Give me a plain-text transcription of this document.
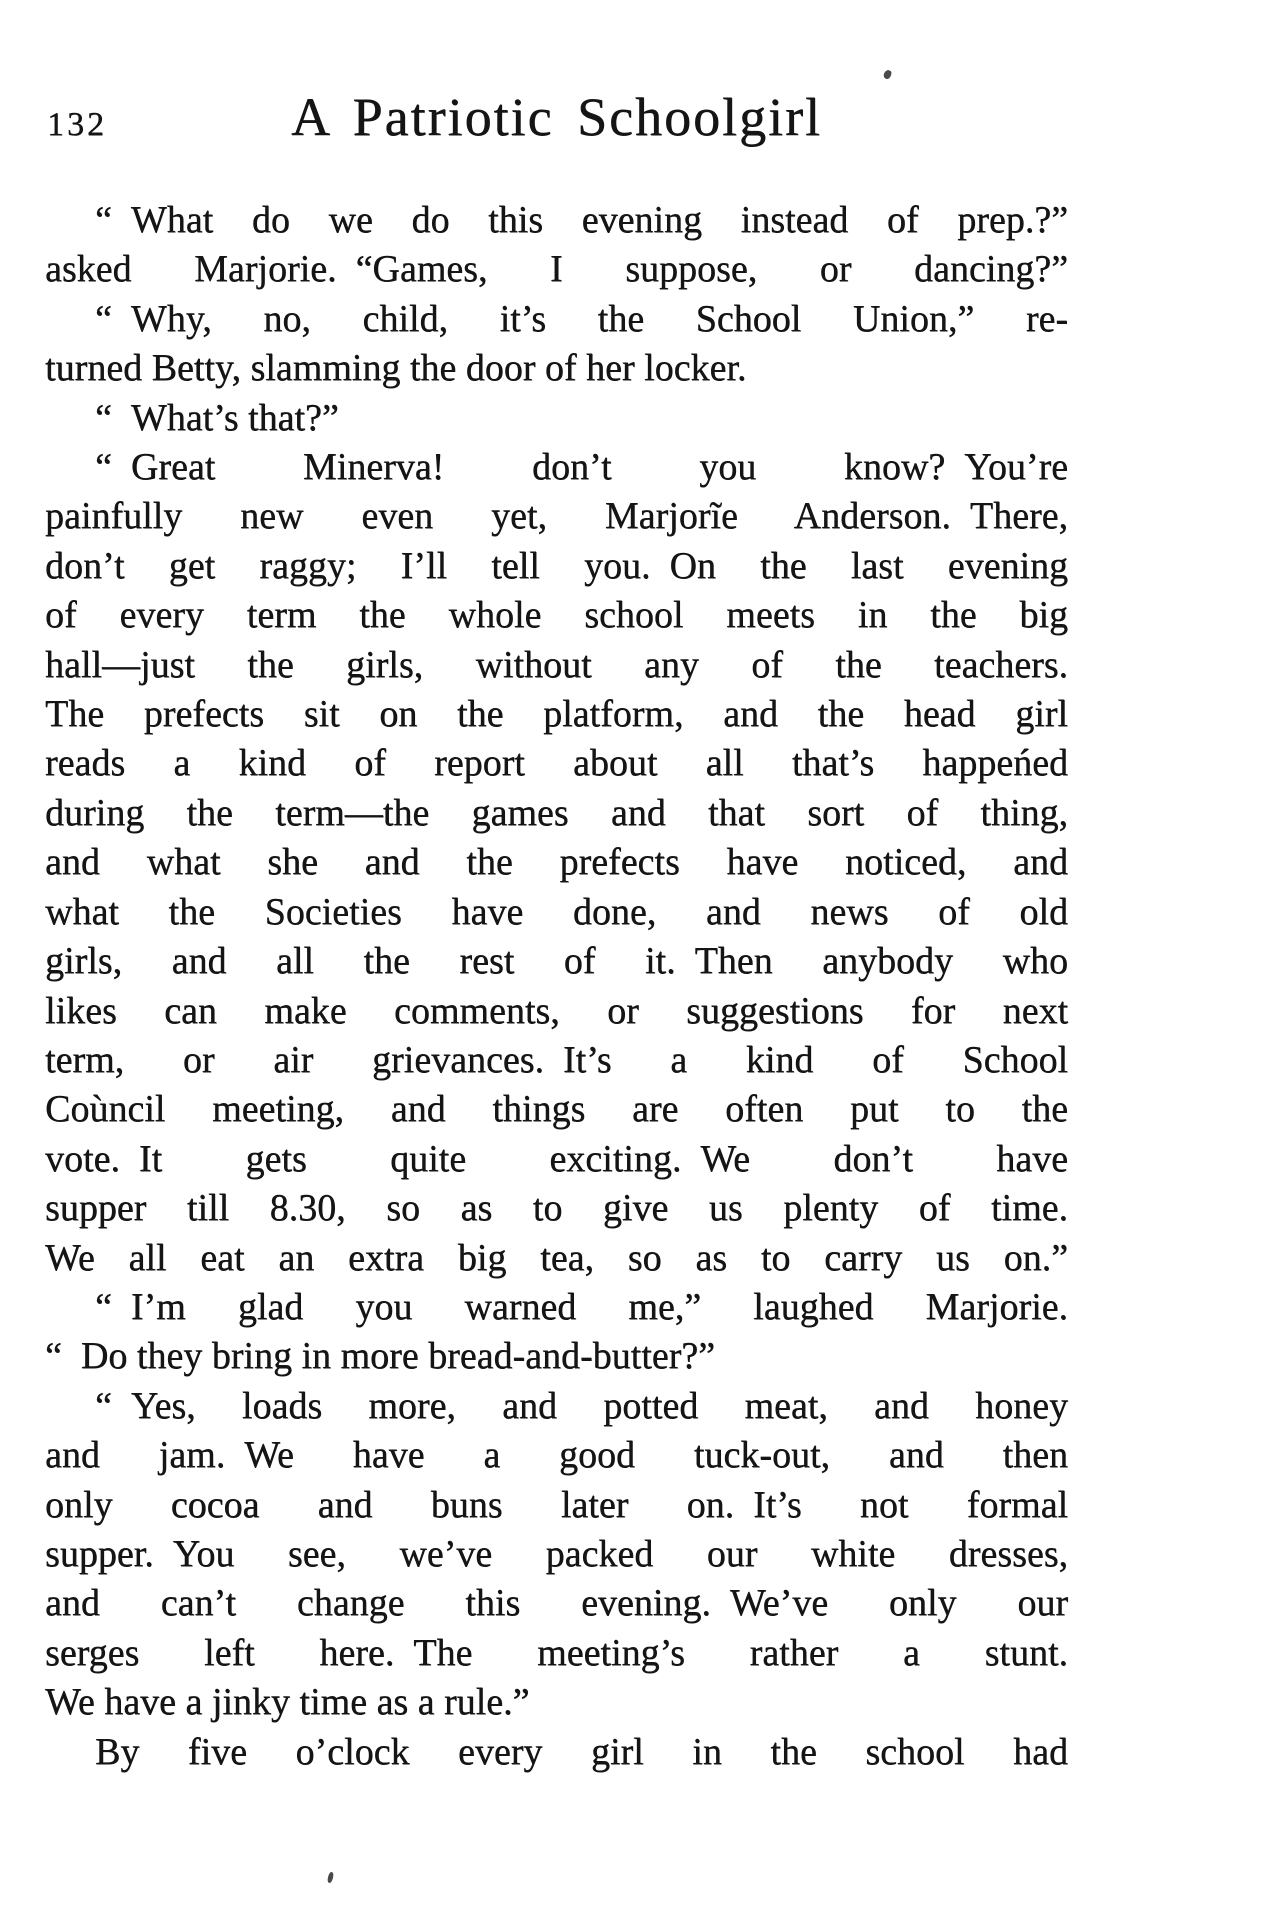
132	A Patriotic Schoolgirl
“ What do we do this evening instead of prep.?”
asked Marjorie. “Games, I suppose, or dancing?”
“ Why, no, child, it’s the School Union,” re-
turned Betty, slamming the door of her locker.
“ What’s that?”
“ Great Minerva! don’t you know? You’re
painfully new even yet, Marjorĩe Anderson. There,
don’t get raggy; I’ll tell you. On the last evening
of every term the whole school meets in the big
hall—just the girls, without any of the teachers.
The prefects sit on the platform, and the head girl
reads a kind of report about all that’s happeńed
during the term—the games and that sort of thing,
and what she and the prefects have noticed, and
what the Societies have done, and news of old
girls, and all the rest of it. Then anybody who
likes can make comments, or suggestions for next
term, or air grievances. It’s a kind of School
Coùncil meeting, and things are often put to the
vote. It gets quite exciting. We don’t have
supper till 8.30, so as to give us plenty of time.
We all eat an extra big tea, so as to carry us on.”
“ I’m glad you warned me,” laughed Marjorie.
“ Do they bring in more bread-and-butter?”
“ Yes, loads more, and potted meat, and honey
and jam. We have a good tuck-out, and then
only cocoa and buns later on. It’s not formal
supper. You see, we’ve packed our white dresses,
and can’t change this evening. We’ve only our
serges left here. The meeting’s rather a stunt.
We have a jinky time as a rule.”
By five o’clock every girl in the school had
